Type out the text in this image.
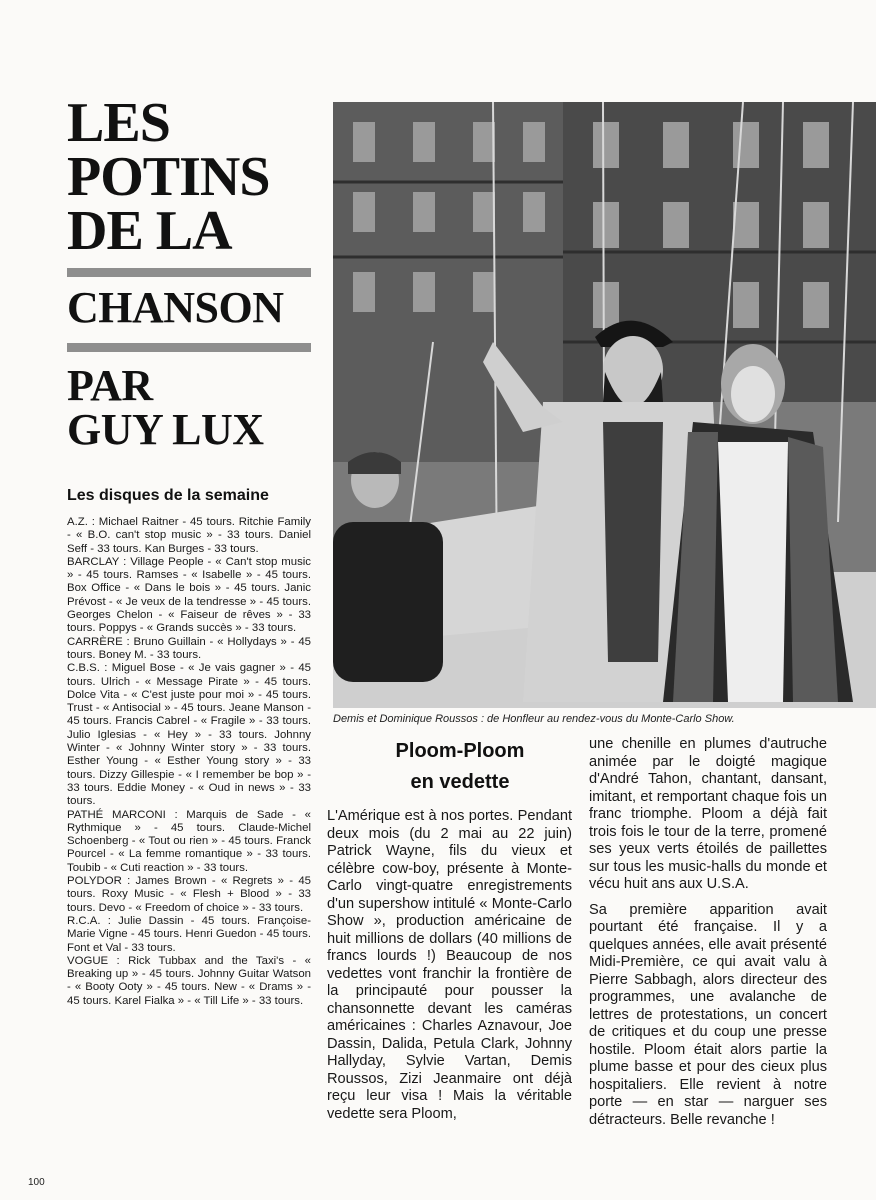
LES
POTINS
DE LA
CHANSON
PAR
GUY LUX
Les disques de la semaine

A.Z. : Michael Raitner - 45 tours. Ritchie Family - « B.O. can't stop music » - 33 tours. Daniel Seff - 33 tours. Kan Burges - 33 tours.

BARCLAY : Village People - « Can't stop music » - 45 tours. Ramses - « Isabelle » - 45 tours. Box Office - « Dans le bois » - 45 tours. Janic Prévost - « Je veux de la tendresse » - 45 tours. Georges Chelon - « Faiseur de rêves » - 33 tours. Poppys - « Grands succès » - 33 tours.

CARRÈRE : Bruno Guillain - « Hollydays » - 45 tours. Boney M. - 33 tours.

C.B.S. : Miguel Bose - « Je vais gagner » - 45 tours. Ulrich - « Message Pirate » - 45 tours. Dolce Vita - « C'est juste pour moi » - 45 tours. Trust - « Antisocial » - 45 tours. Jeane Manson - 45 tours. Francis Cabrel - « Fragile » - 33 tours. Julio Iglesias - « Hey » - 33 tours. Johnny Winter - « Johnny Winter story » - 33 tours. Esther Young - « Esther Young story » - 33 tours. Dizzy Gillespie - « I remember be bop » - 33 tours. Eddie Money - « Oud in news » - 33 tours.

PATHÉ MARCONI : Marquis de Sade - « Rythmique » - 45 tours. Claude-Michel Schoenberg - « Tout ou rien » - 45 tours. Franck Pourcel - « La femme romantique » - 33 tours. Toubib - « Cuti reaction » - 33 tours.

POLYDOR : James Brown - « Regrets » - 45 tours. Roxy Music - « Flesh + Blood » - 33 tours. Devo - « Freedom of choice » - 33 tours.

R.C.A. : Julie Dassin - 45 tours. Françoise-Marie Vigne - 45 tours. Henri Guedon - 45 tours. Font et Val - 33 tours.

VOGUE : Rick Tubbax and the Taxi's - « Breaking up » - 45 tours. Johnny Guitar Watson - « Booty Ooty » - 45 tours. New - « Drams » - 45 tours. Karel Fialka » - « Till Life » - 33 tours.

Demis et Dominique Roussos : de Honfleur au rendez-vous du Monte-Carlo Show.
Ploom-Ploom
en vedette

L'Amérique est à nos portes. Pendant deux mois (du 2 mai au 22 juin) Patrick Wayne, fils du vieux et célèbre cow-boy, présente à Monte-Carlo vingt-quatre enregistrements d'un supershow intitulé « Monte-Carlo Show », production américaine de huit millions de dollars (40 millions de francs lourds !) Beaucoup de nos vedettes vont franchir la frontière de la principauté pour pousser la chansonnette devant les caméras américaines : Charles Aznavour, Joe Dassin, Dalida, Petula Clark, Johnny Hallyday, Sylvie Vartan, Demis Roussos, Zizi Jeanmaire ont déjà reçu leur visa ! Mais la véritable vedette sera Ploom,

une chenille en plumes d'autruche animée par le doigté magique d'André Tahon, chantant, dansant, imitant, et remportant chaque fois un franc triomphe. Ploom a déjà fait trois fois le tour de la terre, promené ses yeux verts étoilés de paillettes sur tous les music-halls du monde et vécu huit ans aux U.S.A.

Sa première apparition avait pourtant été française. Il y a quelques années, elle avait présenté Midi-Première, ce qui avait valu à Pierre Sabbagh, alors directeur des programmes, une avalanche de lettres de protestations, un concert de critiques et du coup une presse hostile. Ploom était alors partie la plume basse et pour des cieux plus hospitaliers. Elle revient à notre porte — en star — narguer ses détracteurs. Belle revanche !

100
